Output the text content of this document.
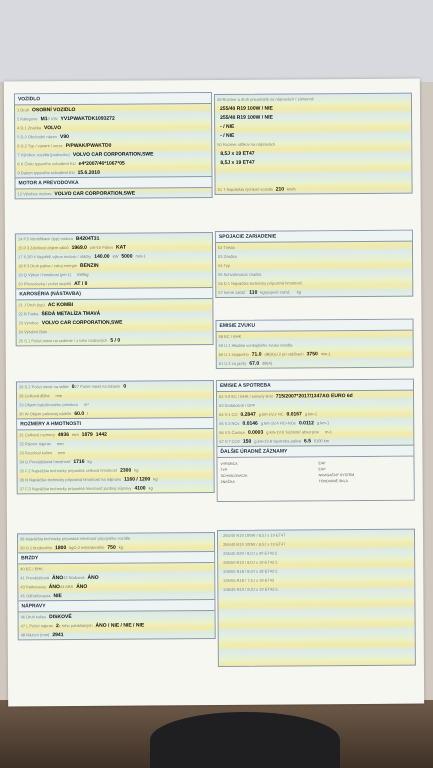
VOZIDLO
1 Druh OSOBNÍ VOZIDLO
2 Kategorie M13 VIN YV1PWAKTDK1093272
4 D.1 Značka VOLVO
5 D.3 Obchodní název V90
6 D.2 Typ / variant / verze P/PWAK/PWAKTD0
7 Výrobce vozidla (podvozku) VOLVO CAR CORPORATION,SWE
8 K Číslo typového schválení EU e4*2007/46*1067*05
9 Datum typového schválení EU 15.6.2018
MOTOR A PREVODOVKA
12 Výrobce motoru VOLVO CAR CORPORATION,SWE
14 P.5 Identifikace (typ) motoru B4204T31
15 P.3 Zdvihový objem válců 1969.0 cm³16 Palivo KAT
17 P.2/P.4 Největší výkon motoru / otáčky 140.00 kW 5000 min-1
18 P.3 Druh paliva / zdroj energie BENZIN
19 Q Výkon / hmotnost (jen L) kW/kg
20 Převodovka / počet stupňů AT / 8
KAROSÉRIA (NÁSTAVBA)
21 J Druh (typ) AC KOMBI
22 R Farba ŠEDÁ METALÍZA TMAVÁ
23 Výrobce VOLVO CAR CORPORATION,SWE
24 Výrobní číslo
25 S.1 Počet miest na sedenie / z toho núdzových 5 / 0
26 S.2 Počet miest na státie 027 Počet miest na ležanie 0
28 Celková dĺžka mm
29 Objem batožinového priestoru m³
30 W Objem palivovej nádrže 60.0 l
ROZMERY A HMOTNOSTI
31 Celkové rozmery 4936 mm 1879 1442
32 Rázvor náprav mm
33 Rozchod kolies mm
34 G Prevádzková hmotnosť 1716 kg
35 F.2 Najväčšia technicky prípustná celková hmotnosť 2300 kg
36 N Najväčšia technicky prípustná hmotnosť na nápravu 1160 / 1200 kg
37 F.3 Najväčšia technicky prípustná hmotnosť jazdnej súpravy 4100 kg
38 Najväčšia technicky prípustná hmotnosť prípojného vozidla
39 O.1 brzdeného 1800 kgO.2 nebrzdeného 750 kg
BRZDY
40 EC / EHK
41 Prevádzková ÁNO42 Núdzová ÁNO
43 Parkovacia ÁNO44 ABS ÁNO
45 Odľahčovacia NIE
NÁPRAVY
46 Druh kolies DISKOVÉ
47 L Počet náprav 2z toho poháňaných ÁNO / NIE / NIE / NIE
48 Rázvor (mm) 2941
49 Rozmer a druh pneumatík na nápravách / zámenné
255/40 R19 100W / NIE
255/40 R19 100W / NIE
- / NIE
- / NIE
50 Rozmer ráfikov na nápravách
8,5J x 19 ET47
8,5J x 19 ET47
51 T Najväčšia rýchlosť vozidla 210 km/h
SPOJACIE ZARIADENIE
52 Trieda
53 Značka
54 Typ
55 Schvaľovacia značka
56 D.1 Najväčšia technicky prípustná hmotnosť
57 horné zaťaž. 110 kgspojené zaťaž. kg
EMISIE ZVUKU
58 EC / EHK
59 U.1 Hladina vonkajšieho zvuku vozidla
60 U.1 stojaceho 71.0 dB(A)U.2 pri otáčkach 3750 min-1
61 U.3 za jazdy 67.0 dB(A)
EMISIE A SPOTREBA
62 V.9 EC / EHK / emisný limit 715/2007*2017/1347AG EURO 6d
63 Dodatočné / DPF
64 V.1 CO 0.2847 g.km-1V.2 HC 0.0167 g.km-1
65 V.3 NOx 0.0146 g.km-1V.4 HC+NOx 0.0112 g.km-1
66 V.5 Častice 0.0003 g.km-1V.6 Súčiniteľ absorpcie m-1
67 V.7 CO2 150 g.km-1V.8 Spotreba paliva 6.5 l/100 km
ĎALŠIE ÚRADNÉ ZÁZNAMY
VÝROBCA
TYP
SCHVAĽOVACIA
ZNAČKA
EAP
EAP
NAVIGAČNÝ SYSTÉM
TÓNOVANÉ SKLÁ
255/40 R19 100W / 8,5J x 19 ET47
255/40 R19 100W / 8,5J x 19 ET47
235/45 R20 / 8,0J x 20 ET42.5
235/50 R19 / 8,0J x 19 ET42.5
235/55 R18 / 8,0J x 18 ET42.5
235/55 R18 / 7,5J x 18 ET42
245/45 R19 / 8,0J x 19 ET42.5
